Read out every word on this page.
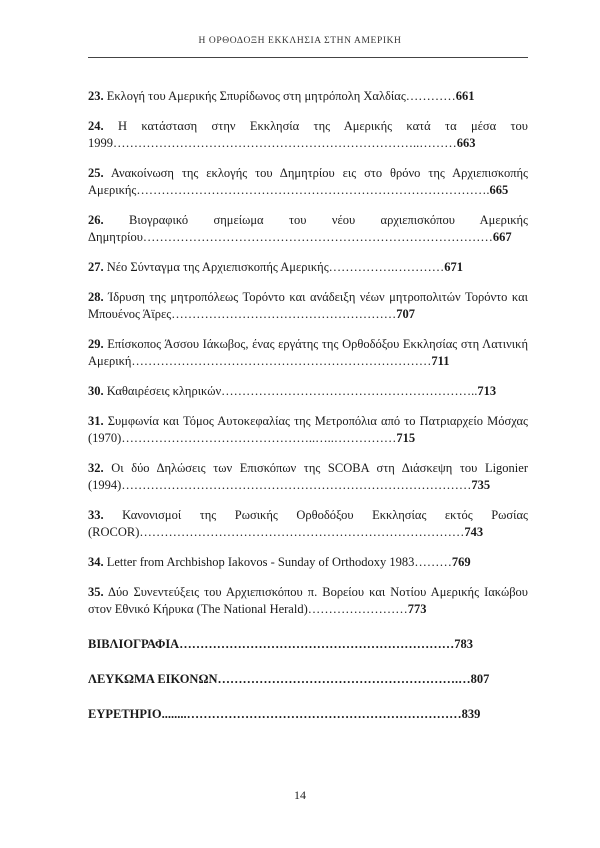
Η ΟΡΘΟΔΟΞΗ ΕΚΚΛΗΣΙΑ ΣΤΗΝ ΑΜΕΡΙΚΗ

23. Εκλογή του Αμερικής Σπυρίδωνος στη μητρόπολη Χαλδίας…………661

24. Η κατάσταση στην Εκκλησία της Αμερικής κατά τα μέσα του 1999………………………………………………………………..………663

25. Ανακοίνωση της εκλογής του Δημητρίου εις στο θρόνο της Αρχιεπισκοπής Αμερικής………………………………………………………………………….665

26. Βιογραφικό σημείωμα του νέου αρχιεπισκόπου Αμερικής Δημητρίου…………………………………………………………………………667

27. Νέο Σύνταγμα της Αρχιεπισκοπής Αμερικής…………….…………671

28. Ίδρυση της μητροπόλεως Τορόντο και ανάδειξη νέων μητροπολιτών Τορόντο και Μπουένος Άϊρες………………………………………………707

29. Επίσκοπος Άσσου Ιάκωβος, ένας εργάτης της Ορθοδόξου Εκκλησίας στη Λατινική Αμερική………………………………………………………………711

30. Καθαιρέσεις κληρικών……………………………………………………..713

31. Συμφωνία και Τόμος Αυτοκεφαλίας της Μετροπόλια από το Πατριαρχείο Μόσχας (1970)………………………………………..…..……………715

32. Οι δύο Δηλώσεις των Επισκόπων της SCOBA στη Διάσκεψη του Ligonier (1994)…………………………………………………………………………735

33. Κανονισμοί της Ρωσικής Ορθοδόξου Εκκλησίας εκτός Ρωσίας (ROCOR)……………………………………………………………………743

34. Letter from Archbishop Iakovos - Sunday of Orthodoxy 1983………769

35. Δύο Συνεντεύξεις του Αρχιεπισκόπου π. Βορείου και Νοτίου Αμερικής Ιακώβου στον Εθνικό Κήρυκα (The National Herald)……………………773

ΒΙΒΛΙΟΓΡΑΦΙΑ…………………………………………………………783

ΛΕΥΚΩΜΑ ΕΙΚΟΝΩΝ………………………………………………….…807

ΕΥΡΕΤΗΡΙΟ........…………………………………………………………839

14
